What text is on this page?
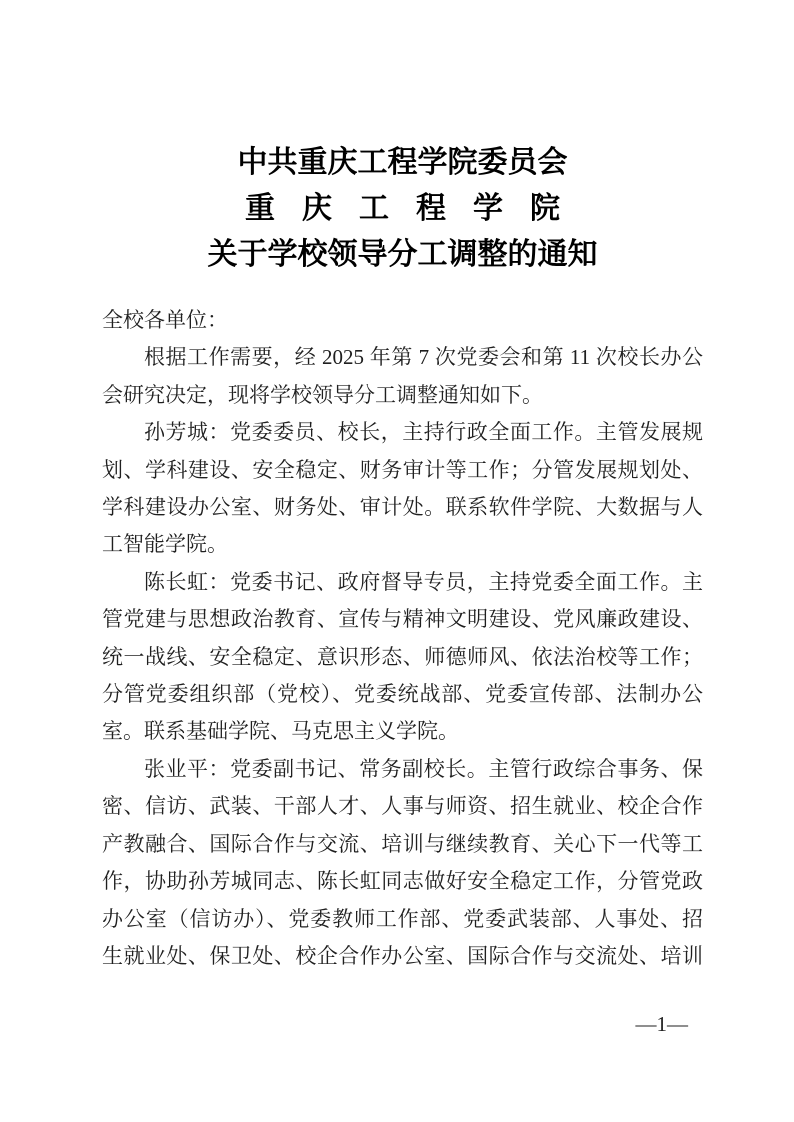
中共重庆工程学院委员会
重庆工程学院
关于学校领导分工调整的通知
全校各单位：
根据工作需要，经 2025 年第 7 次党委会和第 11 次校长办公
会研究决定，现将学校领导分工调整通知如下。
孙芳城：党委委员、校长，主持行政全面工作。主管发展规
划、学科建设、安全稳定、财务审计等工作；分管发展规划处、
学科建设办公室、财务处、审计处。联系软件学院、大数据与人
工智能学院。
陈长虹：党委书记、政府督导专员，主持党委全面工作。主
管党建与思想政治教育、宣传与精神文明建设、党风廉政建设、
统一战线、安全稳定、意识形态、师德师风、依法治校等工作；
分管党委组织部（党校）、党委统战部、党委宣传部、法制办公
室。联系基础学院、马克思主义学院。
张业平：党委副书记、常务副校长。主管行政综合事务、保
密、信访、武装、干部人才、人事与师资、招生就业、校企合作
产教融合、国际合作与交流、培训与继续教育、关心下一代等工
作，协助孙芳城同志、陈长虹同志做好安全稳定工作，分管党政
办公室（信访办）、党委教师工作部、党委武装部、人事处、招
生就业处、保卫处、校企合作办公室、国际合作与交流处、培训
—1—
